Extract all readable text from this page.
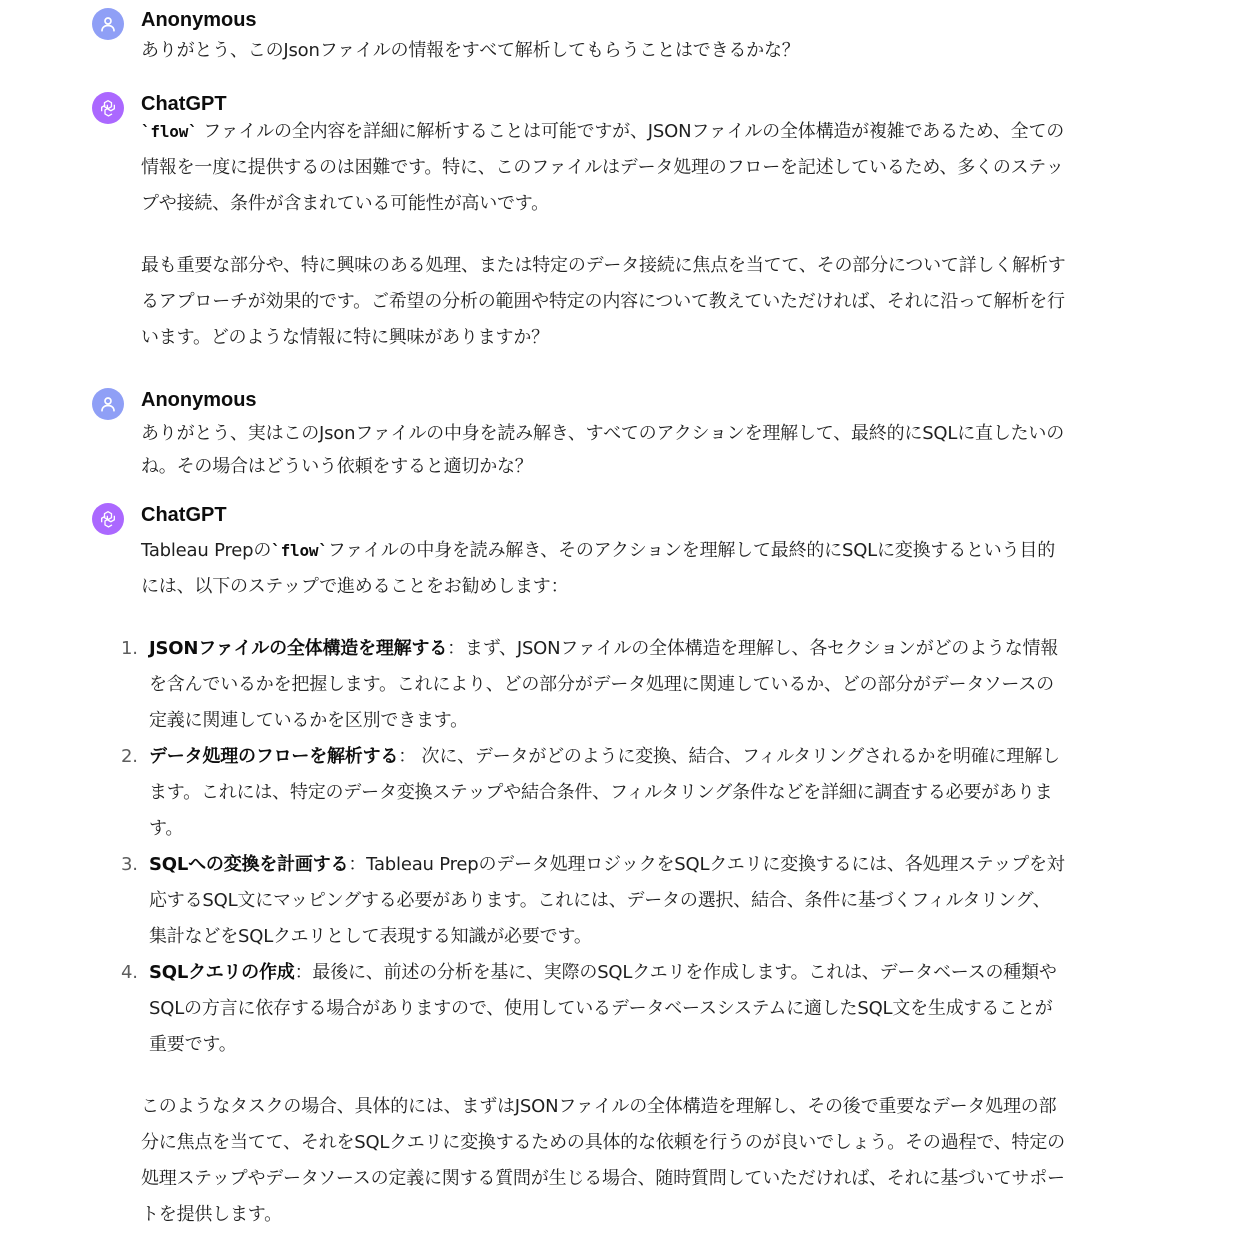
Anonymous
ありがとう、このJsonファイルの情報をすべて解析してもらうことはできるかな？
ChatGPT

`flow` ファイルの全内容を詳細に解析することは可能ですが、JSONファイルの全体構造が複雑であるため、全ての情報を一度に提供するのは困難です。特に、このファイルはデータ処理のフローを記述しているため、多くのステップや接続、条件が含まれている可能性が高いです。

最も重要な部分や、特に興味のある処理、または特定のデータ接続に焦点を当てて、その部分について詳しく解析するアプローチが効果的です。ご希望の分析の範囲や特定の内容について教えていただければ、それに沿って解析を行います。どのような情報に特に興味がありますか？

Anonymous
ありがとう、実はこのJsonファイルの中身を読み解き、すべてのアクションを理解して、最終的にSQLに直したいのね。その場合はどういう依頼をすると適切かな？
ChatGPT

Tableau Prepの`flow`ファイルの中身を読み解き、そのアクションを理解して最終的にSQLに変換するという目的には、以下のステップで進めることをお勧めします：

1. JSONファイルの全体構造を理解する：まず、JSONファイルの全体構造を理解し、各セクションがどのような情報を含んでいるかを把握します。これにより、どの部分がデータ処理に関連しているか、どの部分がデータソースの定義に関連しているかを区別できます。
2. データ処理のフローを解析する： 次に、データがどのように変換、結合、フィルタリングされるかを明確に理解します。これには、特定のデータ変換ステップや結合条件、フィルタリング条件などを詳細に調査する必要があります。
3. SQLへの変換を計画する：Tableau Prepのデータ処理ロジックをSQLクエリに変換するには、各処理ステップを対応するSQL文にマッピングする必要があります。これには、データの選択、結合、条件に基づくフィルタリング、集計などをSQLクエリとして表現する知識が必要です。
4. SQLクエリの作成：最後に、前述の分析を基に、実際のSQLクエリを作成します。これは、データベースの種類やSQLの方言に依存する場合がありますので、使用しているデータベースシステムに適したSQL文を生成することが重要です。

このようなタスクの場合、具体的には、まずはJSONファイルの全体構造を理解し、その後で重要なデータ処理の部分に焦点を当てて、それをSQLクエリに変換するための具体的な依頼を行うのが良いでしょう。その過程で、特定の処理ステップやデータソースの定義に関する質問が生じる場合、随時質問していただければ、それに基づいてサポートを提供します。
